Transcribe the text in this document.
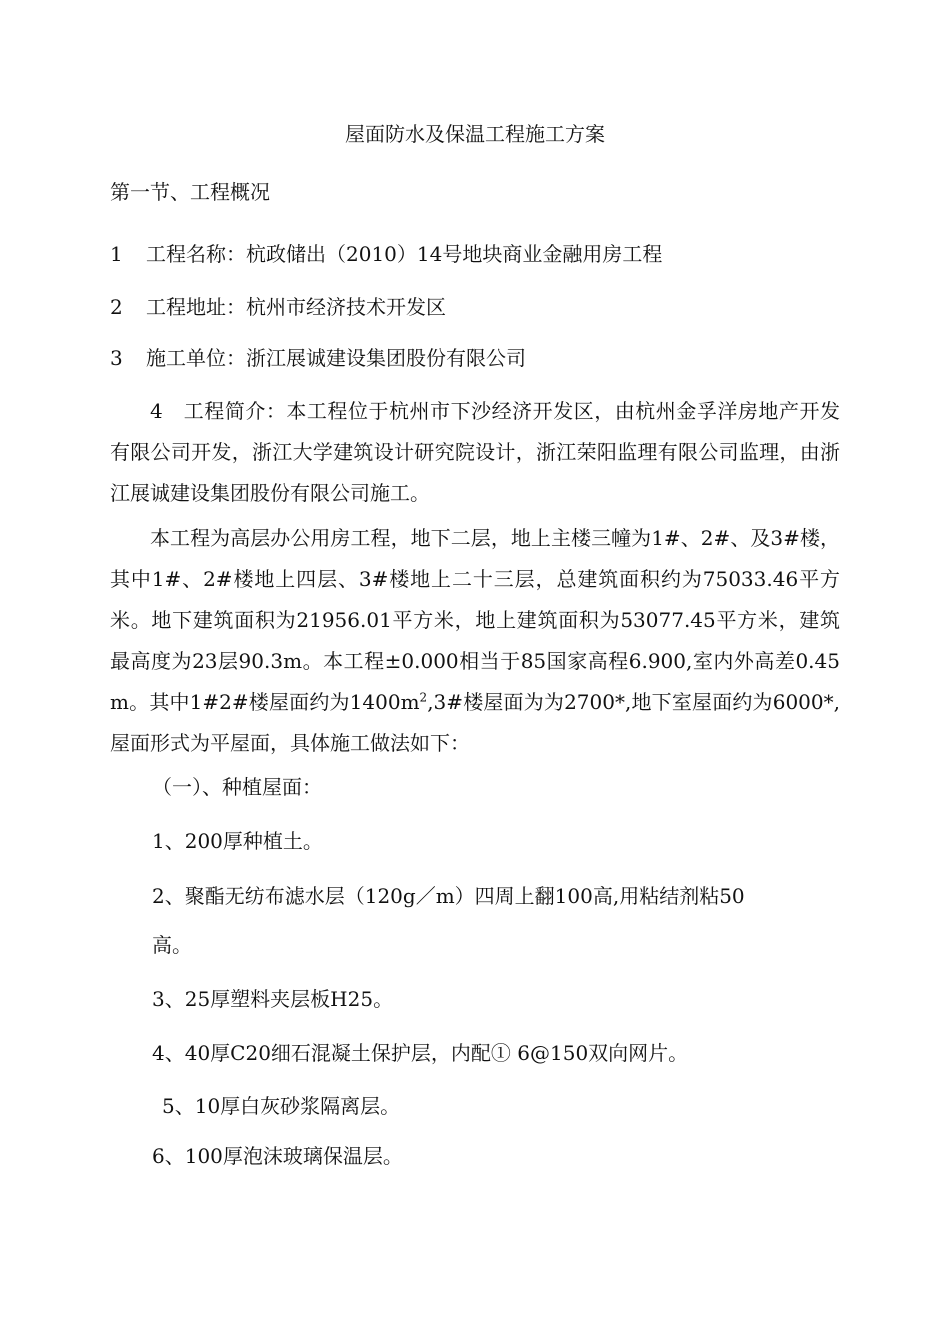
屋面防水及保温工程施工方案
第一节、工程概况
1 工程名称：杭政储出（2010）14号地块商业金融用房工程
2 工程地址：杭州市经济技术开发区
3 施工单位：浙江展诚建设集团股份有限公司
4　工程简介：本工程位于杭州市下沙经济开发区，由杭州金孚洋房地产开发有限公司开发，浙江大学建筑设计研究院设计，浙江荣阳监理有限公司监理，由浙江展诚建设集团股份有限公司施工。
本工程为高层办公用房工程，地下二层，地上主楼三幢为1#、2#、及3#楼，其中1#、2#楼地上四层、3#楼地上二十三层，总建筑面积约为75033.46平方米。地下建筑面积为21956.01平方米，地上建筑面积为53077.45平方米，建筑最高度为23层90.3m。本工程±0.000相当于85国家高程6.900,室内外高差0.45m。其中1#2#楼屋面约为$1400m^2,3\#$楼屋面为为2700*,地下室屋面约为6000*,屋面形式为平屋面，具体施工做法如下：
（一）、种植屋面：
1、200厚种植土。
2、聚酯无纺布滤水层（120g／m）四周上翻100高,用粘结剂粘50
高。
3、25厚塑料夹层板H25。
4、40厚C20细石混凝土保护层，内配① 6@150双向网片。
5、10厚白灰砂浆隔离层。
6、100厚泡沫玻璃保温层。
